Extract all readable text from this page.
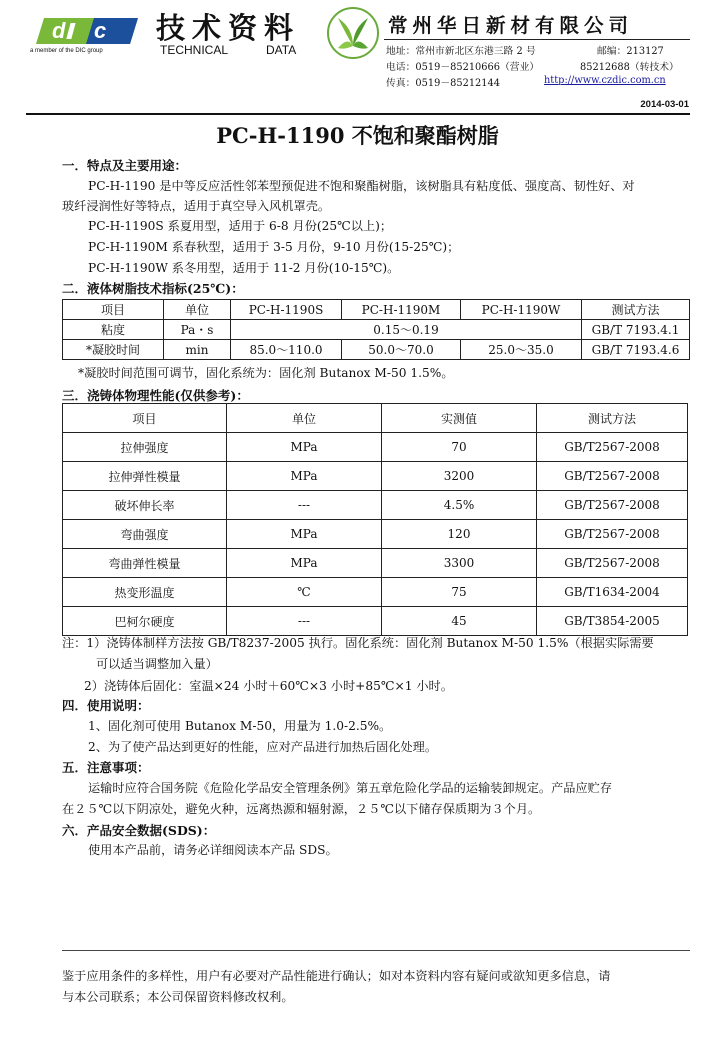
d c
a member of the DIC group
技术资料
TECHNICAL	DATA
常州华日新材有限公司
地址：常州市新北区东港三路 2 号	邮编：213127
电话：0519－85210666（营业）	85212688（转技术）
传真：0519－85212144	http://www.czdic.com.cn
2014-03-01
PC-H-1190 不饱和聚酯树脂
一．特点及主要用途：
PC-H-1190 是中等反应活性邻苯型预促进不饱和聚酯树脂，该树脂具有粘度低、强度高、韧性好、对
玻纤浸润性好等特点，适用于真空导入风机罩壳。
PC-H-1190S 系夏用型，适用于 6-8 月份(25℃以上)；
PC-H-1190M 系春秋型，适用于 3-5 月份，9-10 月份(15-25℃)；
PC-H-1190W 系冬用型，适用于 11-2 月份(10-15℃)。
二．液体树脂技术指标(25℃)：
项目	单位	PC-H-1190S	PC-H-1190M	PC-H-1190W	测试方法
粘度	Pa・s	0.15～0.19			GB/T 7193.4.1
*凝胶时间	min	85.0～110.0	50.0～70.0	25.0～35.0	GB/T 7193.4.6
*凝胶时间范围可调节，固化系统为：固化剂 Butanox M-50 1.5%。
三．浇铸体物理性能(仅供参考)：
项目	单位	实测值	测试方法
拉伸强度	MPa	70	GB/T2567-2008
拉伸弹性模量	MPa	3200	GB/T2567-2008
破坏伸长率	---	4.5%	GB/T2567-2008
弯曲强度	MPa	120	GB/T2567-2008
弯曲弹性模量	MPa	3300	GB/T2567-2008
热变形温度	℃	75	GB/T1634-2004
巴柯尔硬度	---	45	GB/T3854-2005
注：1）浇铸体制样方法按 GB/T8237-2005 执行。固化系统：固化剂 Butanox M-50 1.5%（根据实际需要
可以适当调整加入量）
2）浇铸体后固化：室温×24 小时＋60℃×3 小时+85℃×1 小时。
四．使用说明：
1、固化剂可使用 Butanox M-50，用量为 1.0-2.5%。
2、为了使产品达到更好的性能，应对产品进行加热后固化处理。
五．注意事项：
运输时应符合国务院《危险化学品安全管理条例》第五章危险化学品的运输装卸规定。产品应贮存
在２５℃以下阴凉处，避免火种，远离热源和辐射源，２５℃以下储存保质期为３个月。
六．产品安全数据(SDS)：
使用本产品前，请务必详细阅读本产品 SDS。
鉴于应用条件的多样性，用户有必要对产品性能进行确认；如对本资料内容有疑问或欲知更多信息，请
与本公司联系；本公司保留资料修改权利。
